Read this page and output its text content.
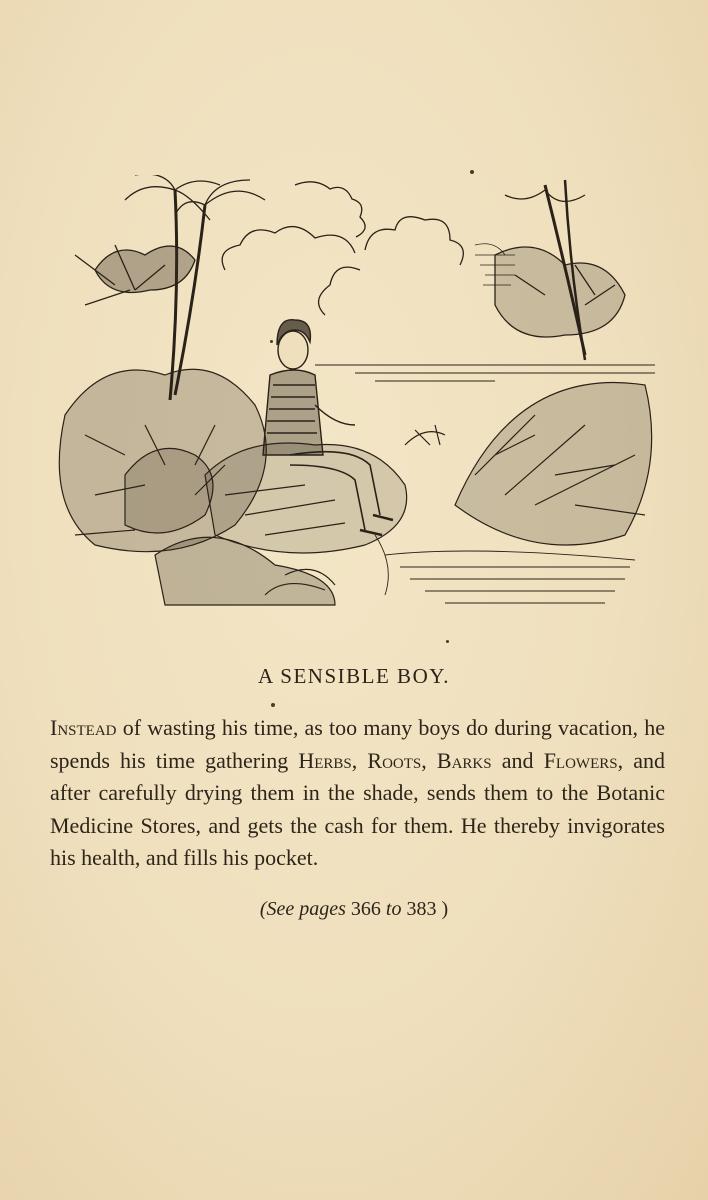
A SENSIBLE BOY.
Instead of wasting his time, as too many boys do during vacation, he spends his time gathering Herbs, Roots, Barks and Flowers, and after carefully drying them in the shade, sends them to the Botanic Medicine Stores, and gets the cash for them. He thereby invigorates his health, and fills his pocket.
(See pages 366 to 383 )
